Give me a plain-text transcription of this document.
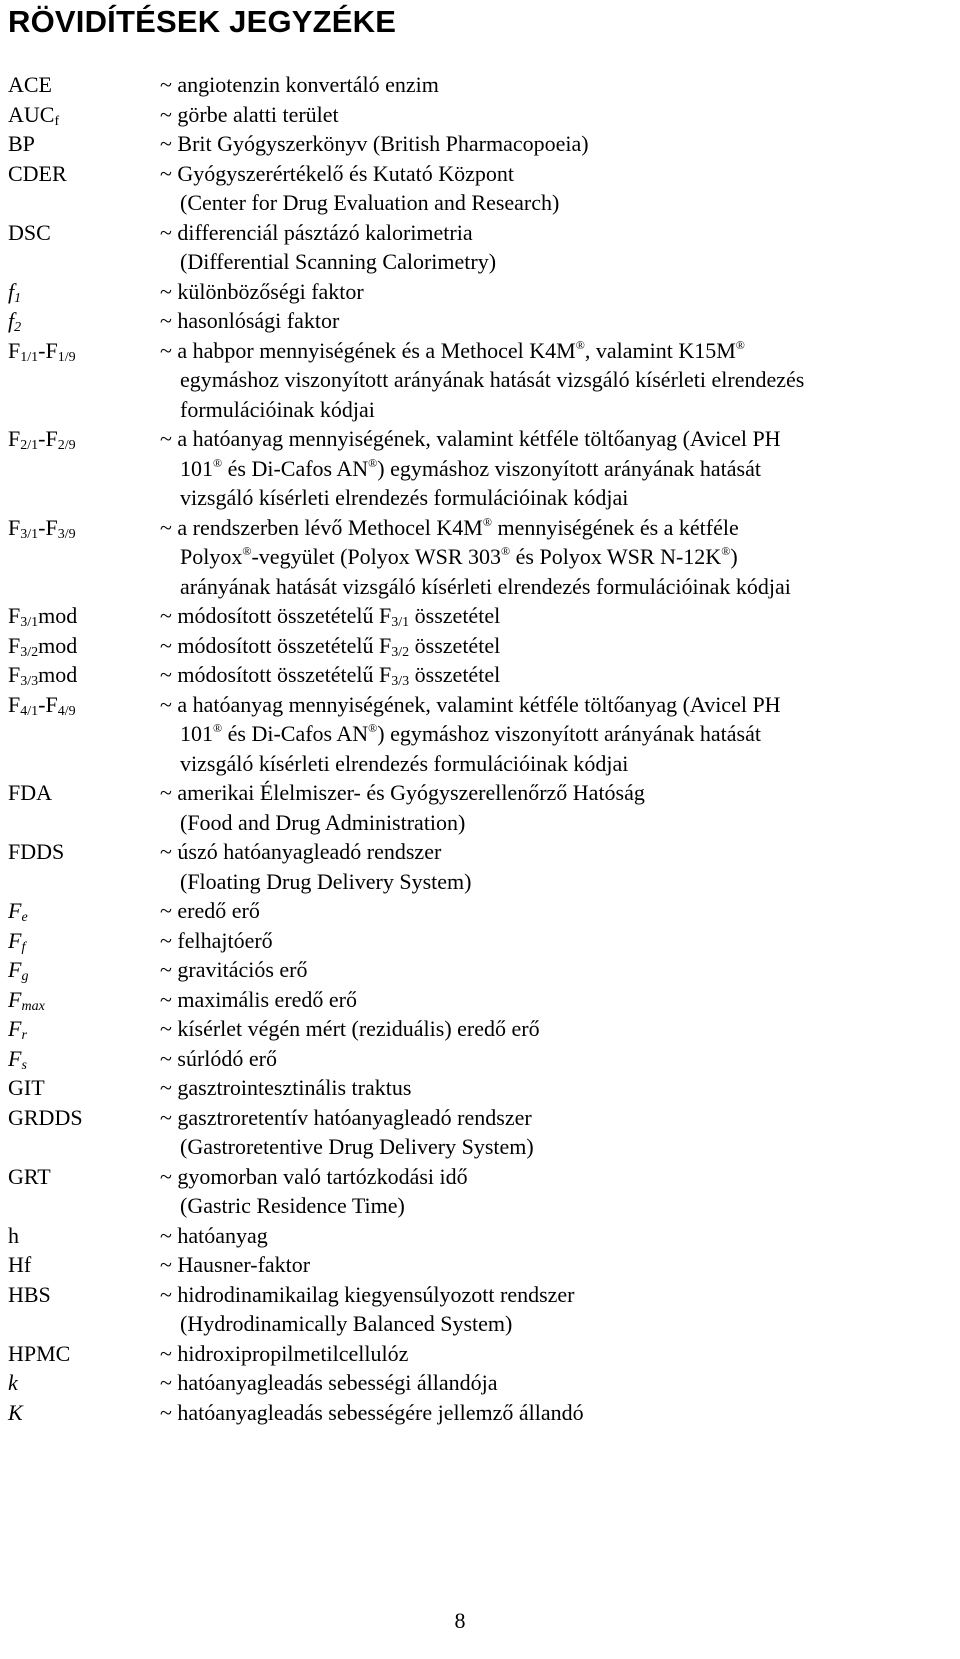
RÖVIDÍTÉSEK JEGYZÉKE
ACE	~ angiotenzin konvertáló enzim
$AUC_f$	~ görbe alatti terület
BP	~ Brit Gyógyszerkönyv (British Pharmacopoeia)
CDER	~ Gyógyszerértékelő és Kutató Központ
(Center for Drug Evaluation and Research)
DSC	~ differenciál pásztázó kalorimetria
(Differential Scanning Calorimetry)
$f_1$	~ különbözőségi faktor
$f_2$	~ hasonlósági faktor
$F_{1/1}-F_{1/9}$	~ a habpor mennyiségének és a Methocel K4M®, valamint K15M®
egymáshoz viszonyított arányának hatását vizsgáló kísérleti elrendezés
formulációinak kódjai
$F_{2/1}-F_{2/9}$	~ a hatóanyag mennyiségének, valamint kétféle töltőanyag (Avicel PH
101® és Di-Cafos AN®) egymáshoz viszonyított arányának hatását
vizsgáló kísérleti elrendezés formulációinak kódjai
$F_{3/1}-F_{3/9}$	~ a rendszerben lévő Methocel K4M® mennyiségének és a kétféle
Polyox®-vegyület (Polyox WSR 303® és Polyox WSR N-12K®)
arányának hatását vizsgáló kísérleti elrendezés formulációinak kódjai
$F_{3/1}mod$	~ módosított összetételű $F_{3/1}$ összetétel
$F_{3/2}mod$	~ módosított összetételű $F_{3/2}$ összetétel
$F_{3/3}mod$	~ módosított összetételű $F_{3/3}$ összetétel
$F_{4/1}-F_{4/9}$	~ a hatóanyag mennyiségének, valamint kétféle töltőanyag (Avicel PH
101® és Di-Cafos AN®) egymáshoz viszonyított arányának hatását
vizsgáló kísérleti elrendezés formulációinak kódjai
FDA	~ amerikai Élelmiszer- és Gyógyszerellenőrző Hatóság
(Food and Drug Administration)
FDDS	~ úszó hatóanyagleadó rendszer
(Floating Drug Delivery System)
$F_e$	~ eredő erő
$F_f$	~ felhajtóerő
$F_g$	~ gravitációs erő
$F_{max}$	~ maximális eredő erő
$F_r$	~ kísérlet végén mért (reziduális) eredő erő
$F_s$	~ súrlódó erő
GIT	~ gasztrointesztinális traktus
GRDDS	~ gasztroretentív hatóanyagleadó rendszer
(Gastroretentive Drug Delivery System)
GRT	~ gyomorban való tartózkodási idő
(Gastric Residence Time)
h	~ hatóanyag
Hf	~ Hausner-faktor
HBS	~ hidrodinamikailag kiegyensúlyozott rendszer
(Hydrodinamically Balanced System)
HPMC	~ hidroxipropilmetilcellulóz
k	~ hatóanyagleadás sebességi állandója
K	~ hatóanyagleadás sebességére jellemző állandó
8
